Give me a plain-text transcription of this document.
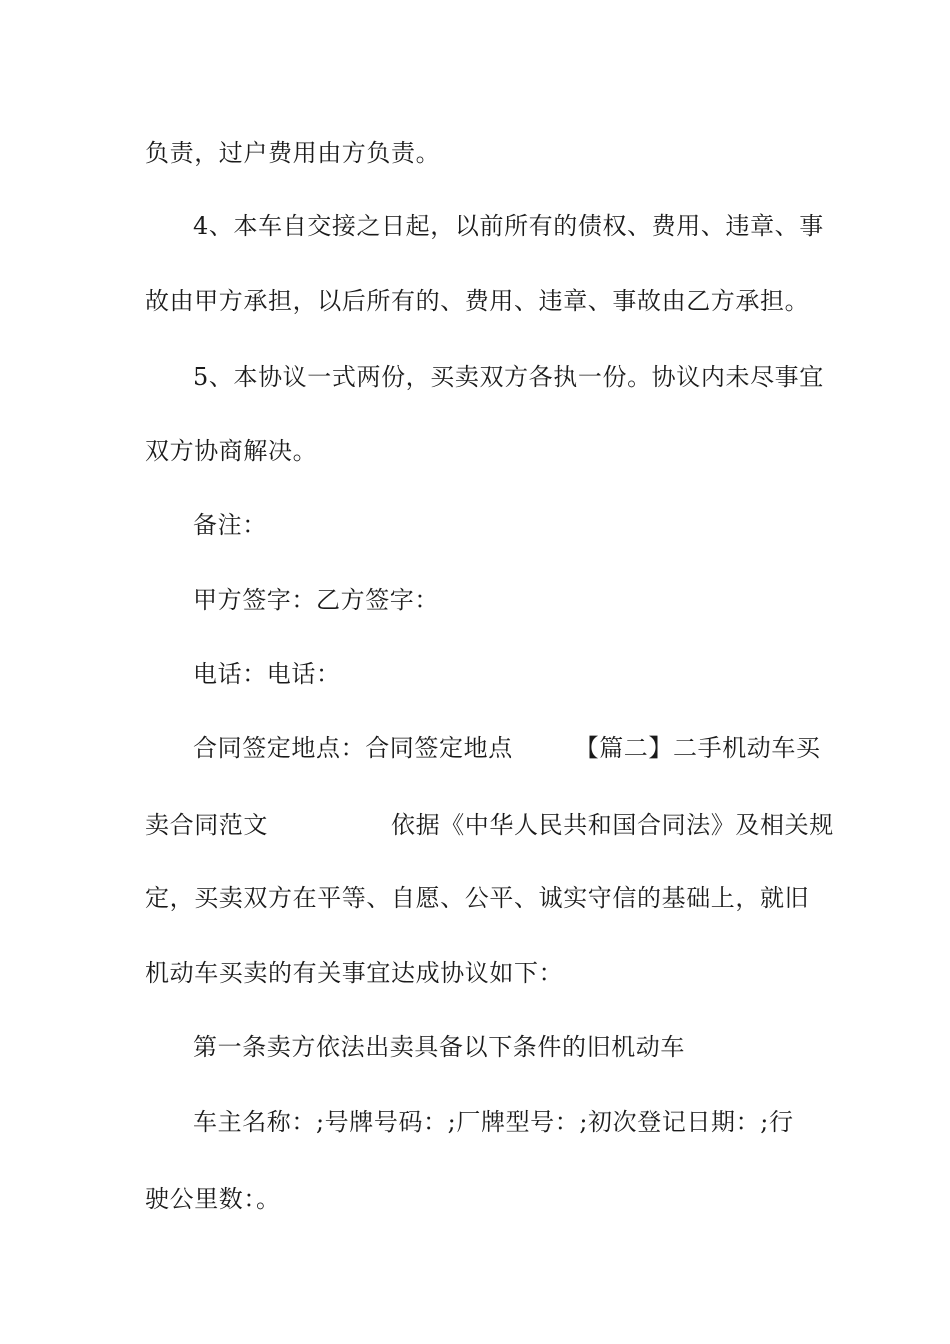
负责，过户费用由方负责。
4、本车自交接之日起，以前所有的债权、费用、违章、事
故由甲方承担，以后所有的、费用、违章、事故由乙方承担。
5、本协议一式两份，买卖双方各执一份。协议内未尽事宜
双方协商解决。
备注：
甲方签字：乙方签字：
电话：电话：
合同签定地点：合同签定地点　　　【篇二】二手机动车买
卖合同范文　　　　　依据《中华人民共和国合同法》及相关规
定，买卖双方在平等、自愿、公平、诚实守信的基础上，就旧
机动车买卖的有关事宜达成协议如下：
第一条卖方依法出卖具备以下条件的旧机动车
车主名称：;号牌号码：;厂牌型号：;初次登记日期：;行
驶公里数：。
